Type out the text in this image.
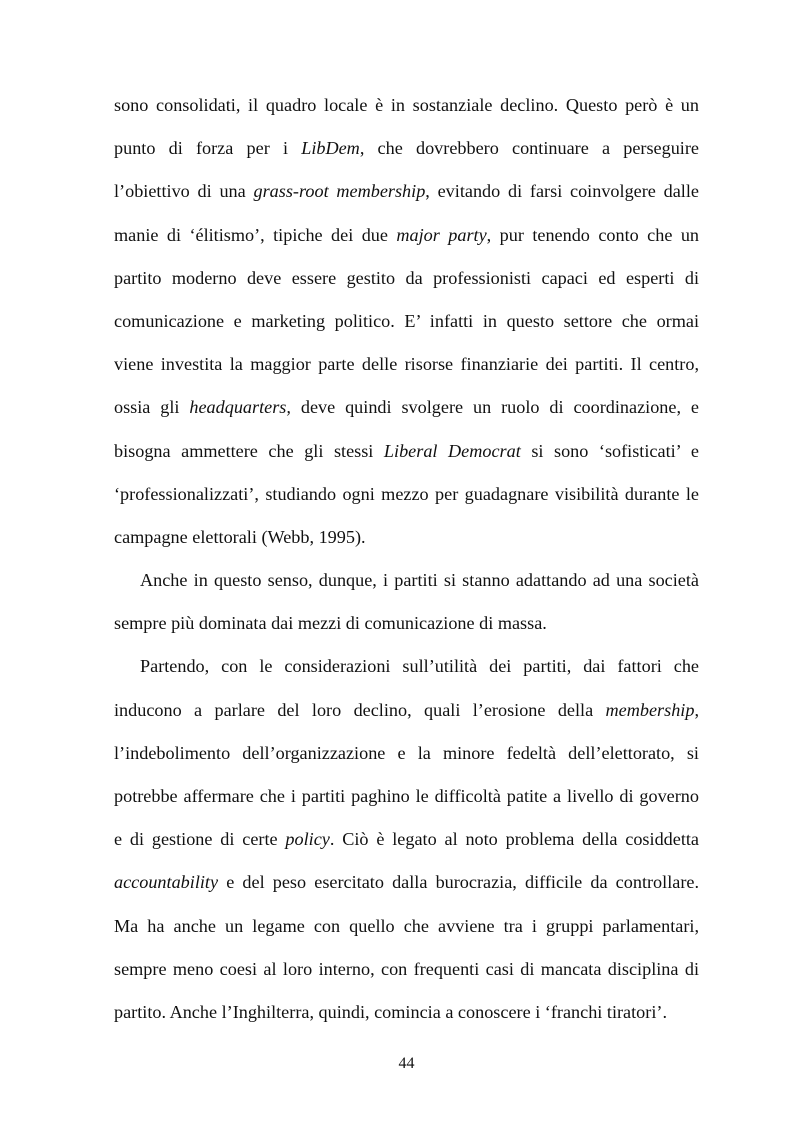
sono consolidati, il quadro locale è in sostanziale declino. Questo però è un
punto di forza per i LibDem, che dovrebbero continuare a perseguire
l’obiettivo di una grass-root membership, evitando di farsi coinvolgere dalle
manie di ‘élitismo’, tipiche dei due major party, pur tenendo conto che un
partito moderno deve essere gestito da professionisti capaci ed esperti di
comunicazione e marketing politico. E’ infatti in questo settore che ormai
viene investita la maggior parte delle risorse finanziarie dei partiti. Il centro,
ossia gli headquarters, deve quindi svolgere un ruolo di coordinazione, e
bisogna ammettere che gli stessi Liberal Democrat si sono ‘sofisticati’ e
‘professionalizzati’, studiando ogni mezzo per guadagnare visibilità durante le
campagne elettorali (Webb, 1995).
Anche in questo senso, dunque, i partiti si stanno adattando ad una società
sempre più dominata dai mezzi di comunicazione di massa.
Partendo, con le considerazioni sull’utilità dei partiti, dai fattori che
inducono a parlare del loro declino, quali l’erosione della membership,
l’indebolimento dell’organizzazione e la minore fedeltà dell’elettorato, si
potrebbe affermare che i partiti paghino le difficoltà patite a livello di governo
e di gestione di certe policy. Ciò è legato al noto problema della cosiddetta
accountability e del peso esercitato dalla burocrazia, difficile da controllare.
Ma ha anche un legame con quello che avviene tra i gruppi parlamentari,
sempre meno coesi al loro interno, con frequenti casi di mancata disciplina di
partito. Anche l’Inghilterra, quindi, comincia a conoscere i ‘franchi tiratori’.
44
